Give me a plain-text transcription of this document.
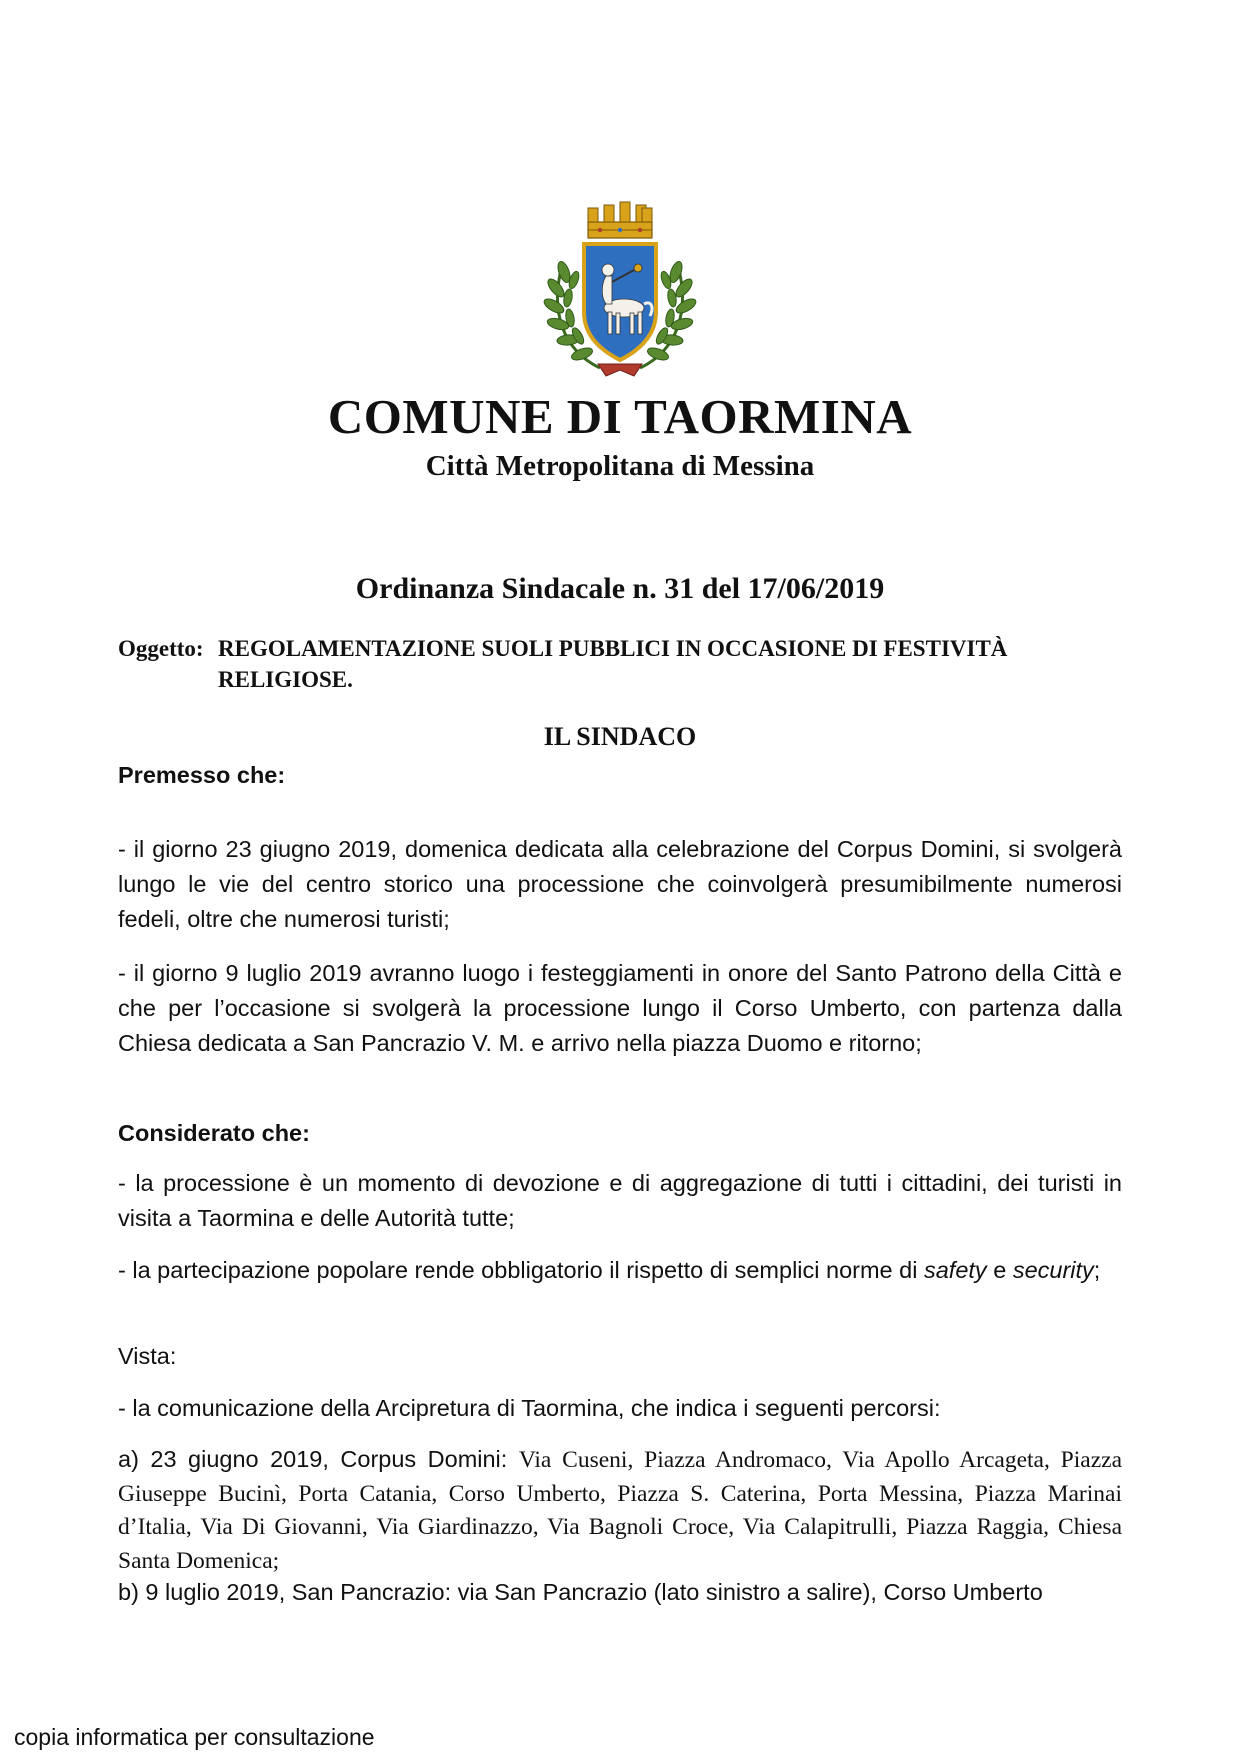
COMUNE DI TAORMINA
Città Metropolitana di Messina
Ordinanza Sindacale n. 31 del 17/06/2019
Oggetto: REGOLAMENTAZIONE SUOLI PUBBLICI IN OCCASIONE DI FESTIVITÀ RELIGIOSE.
IL SINDACO
Premesso che:
- il giorno 23 giugno 2019, domenica dedicata alla celebrazione del Corpus Domini, si svolgerà lungo le vie del centro storico una processione che coinvolgerà presumibilmente numerosi fedeli, oltre che numerosi turisti;
- il giorno 9 luglio 2019 avranno luogo i festeggiamenti in onore del Santo Patrono della Città e che per l’occasione si svolgerà la processione lungo il Corso Umberto, con partenza dalla Chiesa dedicata a San Pancrazio V. M. e arrivo nella piazza Duomo e ritorno;
Considerato che:
- la processione è un momento di devozione e di aggregazione di tutti i cittadini, dei turisti in visita a Taormina e delle Autorità tutte;
- la partecipazione popolare rende obbligatorio il rispetto di semplici norme di safety e security;
Vista:
- la comunicazione della Arcipretura di Taormina, che indica i seguenti percorsi:
a) 23 giugno 2019, Corpus Domini: Via Cuseni, Piazza Andromaco, Via Apollo Arcageta, Piazza Giuseppe Bucinì, Porta Catania, Corso Umberto, Piazza S. Caterina, Porta Messina, Piazza Marinai d’Italia, Via Di Giovanni, Via Giardinazzo, Via Bagnoli Croce, Via Calapitrulli, Piazza Raggia, Chiesa Santa Domenica;
b) 9 luglio 2019, San Pancrazio: via San Pancrazio (lato sinistro a salire), Corso Umberto
copia informatica per consultazione
